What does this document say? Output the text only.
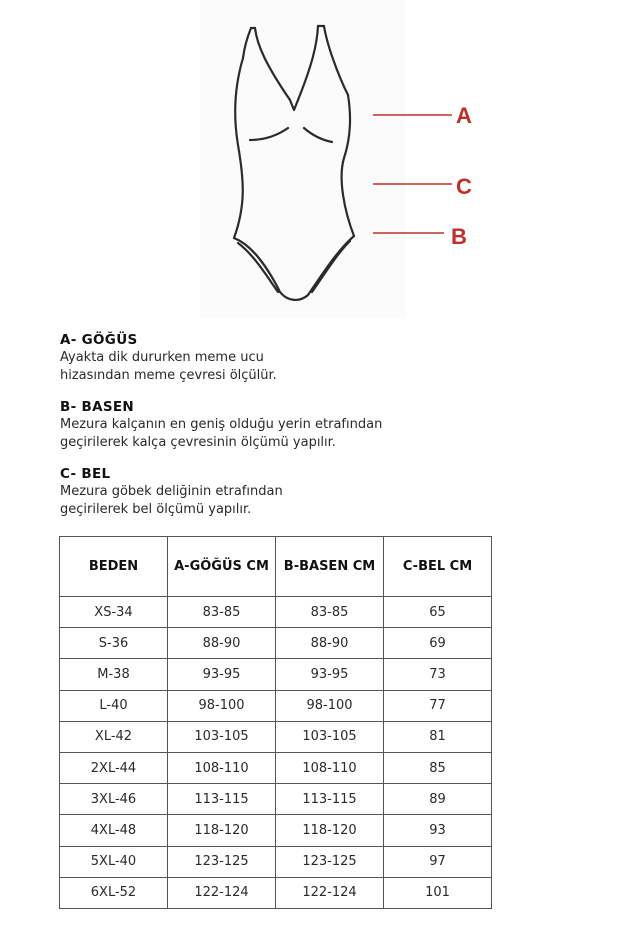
A
C
B
A- GÖĞÜS
Ayakta dik dururken meme ucu
hizasından meme çevresi ölçülür.
B- BASEN
Mezura kalçanın en geniş olduğu yerin etrafından
geçirilerek kalça çevresinin ölçümü yapılır.
C- BEL
Mezura göbek deliğinin etrafından
geçirilerek bel ölçümü yapılır.
BEDEN	A-GÖĞÜS CM	B-BASEN CM	C-BEL CM
XS-34	83-85	83-85	65
S-36	88-90	88-90	69
M-38	93-95	93-95	73
L-40	98-100	98-100	77
XL-42	103-105	103-105	81
2XL-44	108-110	108-110	85
3XL-46	113-115	113-115	89
4XL-48	118-120	118-120	93
5XL-40	123-125	123-125	97
6XL-52	122-124	122-124	101
